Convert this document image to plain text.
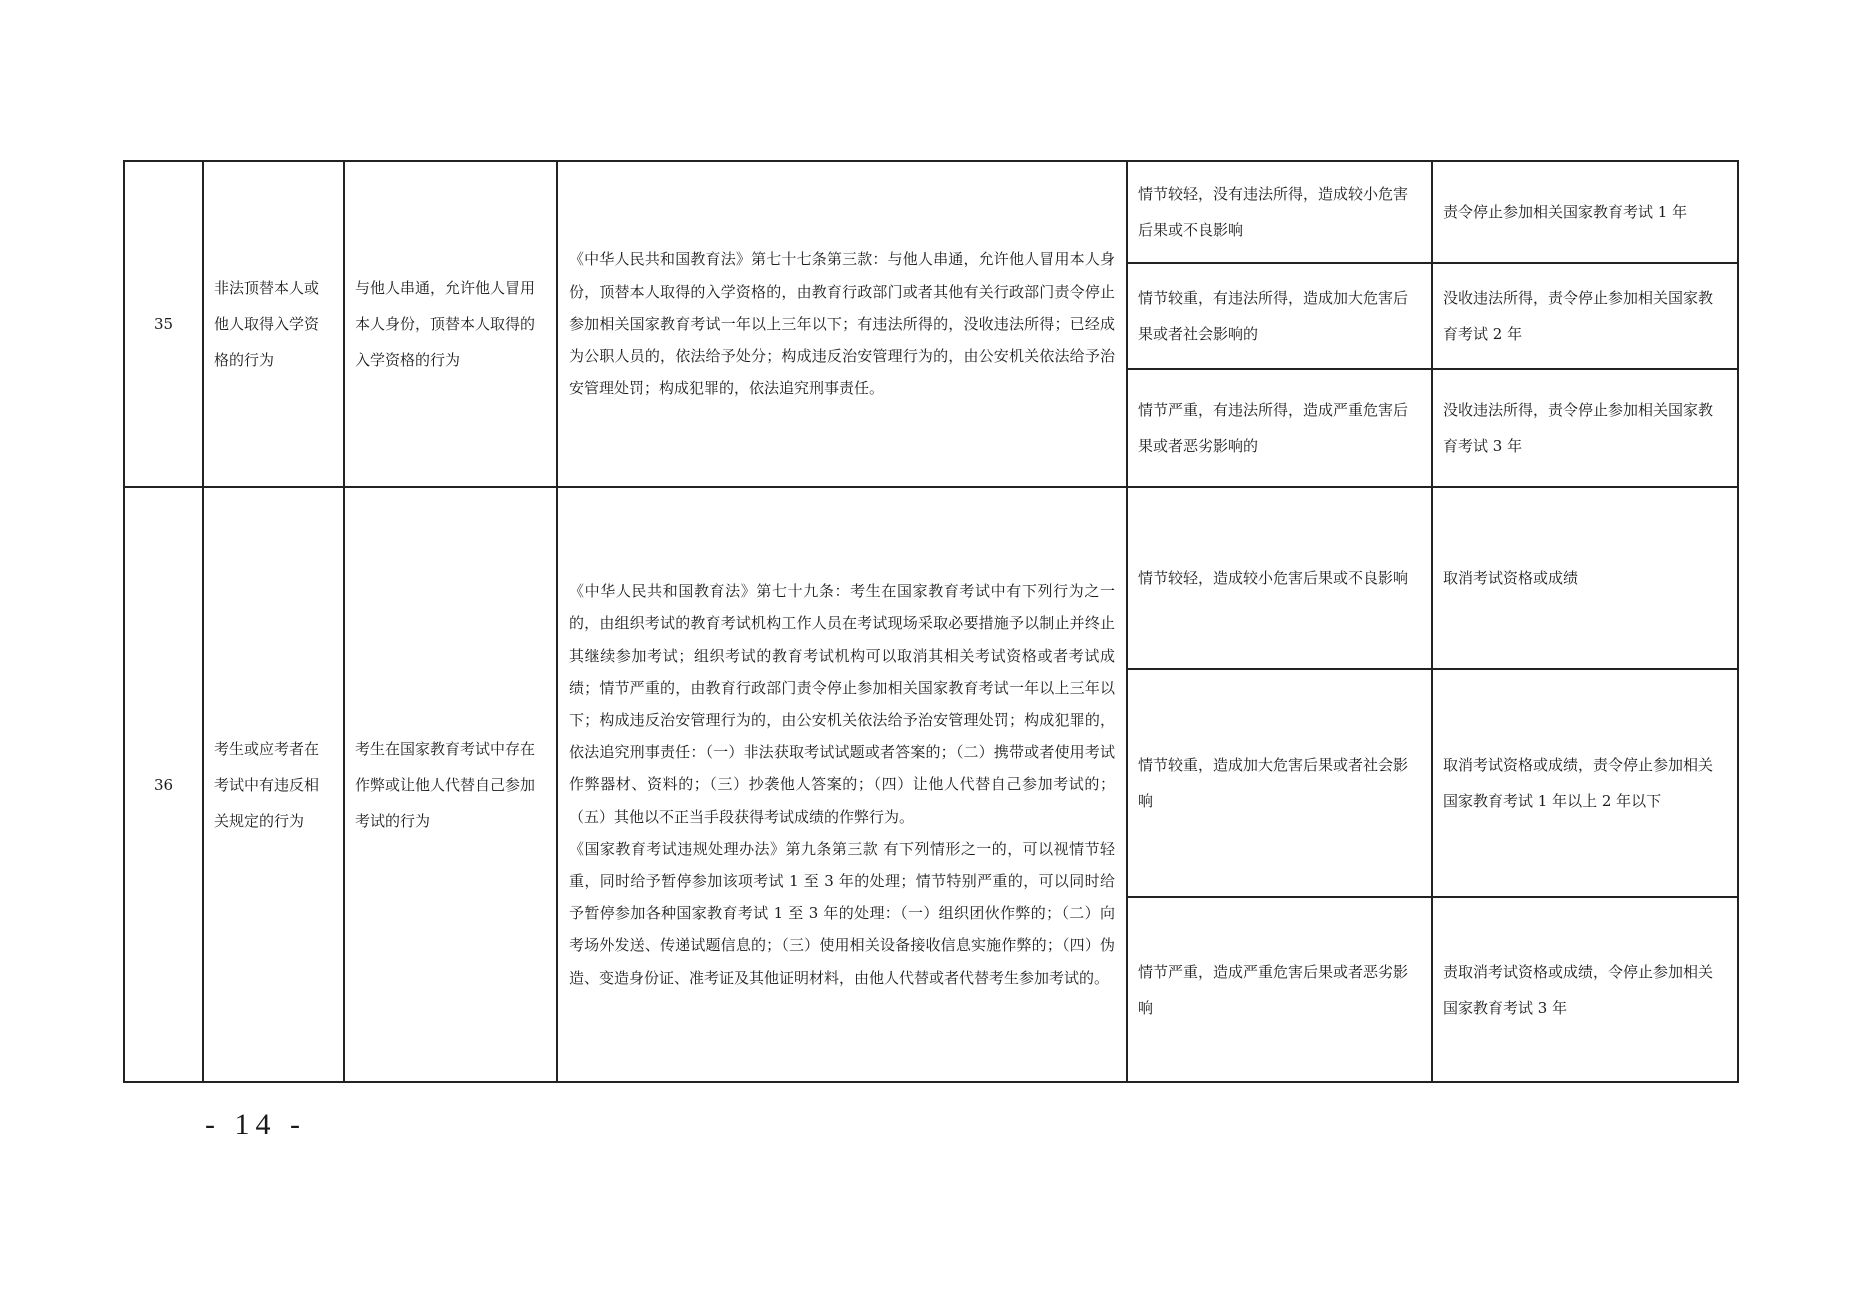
35	非法顶替本人或他人取得入学资格的行为	与他人串通，允许他人冒用本人身份，顶替本人取得的入学资格的行为	《中华人民共和国教育法》第七十七条第三款：与他人串通，允许他人冒用本人身份，顶替本人取得的入学资格的，由教育行政部门或者其他有关行政部门责令停止参加相关国家教育考试一年以上三年以下；有违法所得的，没收违法所得；已经成为公职人员的，依法给予处分；构成违反治安管理行为的，由公安机关依法给予治安管理处罚；构成犯罪的，依法追究刑事责任。	情节较轻，没有违法所得，造成较小危害后果或不良影响	责令停止参加相关国家教育考试 1 年
				情节较重，有违法所得，造成加大危害后果或者社会影响的	没收违法所得，责令停止参加相关国家教育考试 2 年
				情节严重，有违法所得，造成严重危害后果或者恶劣影响的	没收违法所得，责令停止参加相关国家教育考试 3 年
36	考生或应考者在考试中有违反相关规定的行为	考生在国家教育考试中存在作弊或让他人代替自己参加考试的行为	《中华人民共和国教育法》第七十九条：考生在国家教育考试中有下列行为之一的，由组织考试的教育考试机构工作人员在考试现场采取必要措施予以制止并终止其继续参加考试；组织考试的教育考试机构可以取消其相关考试资格或者考试成绩；情节严重的，由教育行政部门责令停止参加相关国家教育考试一年以上三年以下；构成违反治安管理行为的，由公安机关依法给予治安管理处罚；构成犯罪的，依法追究刑事责任：（一）非法获取考试试题或者答案的；（二）携带或者使用考试作弊器材、资料的；（三）抄袭他人答案的；（四）让他人代替自己参加考试的；（五）其他以不正当手段获得考试成绩的作弊行为。
《国家教育考试违规处理办法》第九条第三款 有下列情形之一的，可以视情节轻重，同时给予暂停参加该项考试 1 至 3 年的处理；情节特别严重的，可以同时给予暂停参加各种国家教育考试 1 至 3 年的处理：（一）组织团伙作弊的；（二）向考场外发送、传递试题信息的；（三）使用相关设备接收信息实施作弊的；（四）伪造、变造身份证、准考证及其他证明材料，由他人代替或者代替考生参加考试的。	情节较轻，造成较小危害后果或不良影响	取消考试资格或成绩
				情节较重，造成加大危害后果或者社会影响	取消考试资格或成绩，责令停止参加相关国家教育考试 1 年以上 2 年以下
				情节严重，造成严重危害后果或者恶劣影响	责取消考试资格或成绩，令停止参加相关国家教育考试 3 年
- 14 -
